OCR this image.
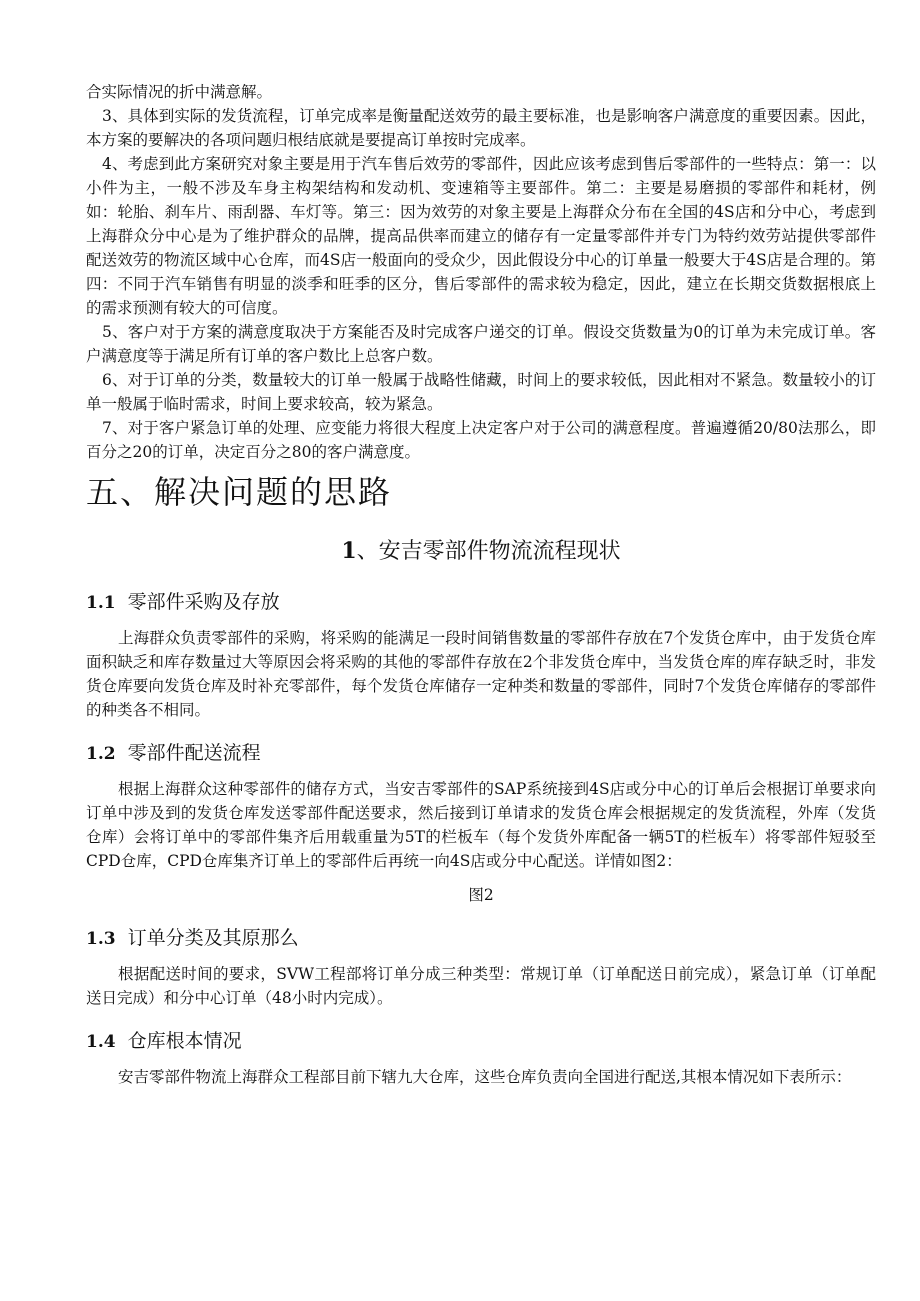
合实际情况的折中满意解。

3、具体到实际的发货流程，订单完成率是衡量配送效劳的最主要标准，也是影响客户满意度的重要因素。因此，本方案的要解决的各项问题归根结底就是要提高订单按时完成率。

4、考虑到此方案研究对象主要是用于汽车售后效劳的零部件，因此应该考虑到售后零部件的一些特点：第一：以小件为主，一般不涉及车身主构架结构和发动机、变速箱等主要部件。第二：主要是易磨损的零部件和耗材，例如：轮胎、刹车片、雨刮器、车灯等。第三：因为效劳的对象主要是上海群众分布在全国的4S店和分中心，考虑到上海群众分中心是为了维护群众的品牌，提高品供率而建立的储存有一定量零部件并专门为特约效劳站提供零部件配送效劳的物流区域中心仓库，而4S店一般面向的受众少，因此假设分中心的订单量一般要大于4S店是合理的。第四：不同于汽车销售有明显的淡季和旺季的区分，售后零部件的需求较为稳定，因此，建立在长期交货数据根底上的需求预测有较大的可信度。

5、客户对于方案的满意度取决于方案能否及时完成客户递交的订单。假设交货数量为0的订单为未完成订单。客户满意度等于满足所有订单的客户数比上总客户数。

6、对于订单的分类，数量较大的订单一般属于战略性储藏，时间上的要求较低，因此相对不紧急。数量较小的订单一般属于临时需求，时间上要求较高，较为紧急。

7、对于客户紧急订单的处理、应变能力将很大程度上决定客户对于公司的满意程度。普遍遵循20/80法那么，即百分之20的订单，决定百分之80的客户满意度。

五、解决问题的思路
1、安吉零部件物流流程现状
1.1 零部件采购及存放

上海群众负责零部件的采购，将采购的能满足一段时间销售数量的零部件存放在7个发货仓库中，由于发货仓库面积缺乏和库存数量过大等原因会将采购的其他的零部件存放在2个非发货仓库中，当发货仓库的库存缺乏时，非发货仓库要向发货仓库及时补充零部件，每个发货仓库储存一定种类和数量的零部件，同时7个发货仓库储存的零部件的种类各不相同。

1.2 零部件配送流程

根据上海群众这种零部件的储存方式，当安吉零部件的SAP系统接到4S店或分中心的订单后会根据订单要求向订单中涉及到的发货仓库发送零部件配送要求，然后接到订单请求的发货仓库会根据规定的发货流程，外库（发货仓库）会将订单中的零部件集齐后用载重量为5T的栏板车（每个发货外库配备一辆5T的栏板车）将零部件短驳至CPD仓库，CPD仓库集齐订单上的零部件后再统一向4S店或分中心配送。详情如图2：

图2
1.3 订单分类及其原那么

根据配送时间的要求，SVW工程部将订单分成三种类型：常规订单（订单配送日前完成），紧急订单（订单配送日完成）和分中心订单（48小时内完成）。

1.4 仓库根本情况

安吉零部件物流上海群众工程部目前下辖九大仓库，这些仓库负责向全国进行配送,其根本情况如下表所示：
